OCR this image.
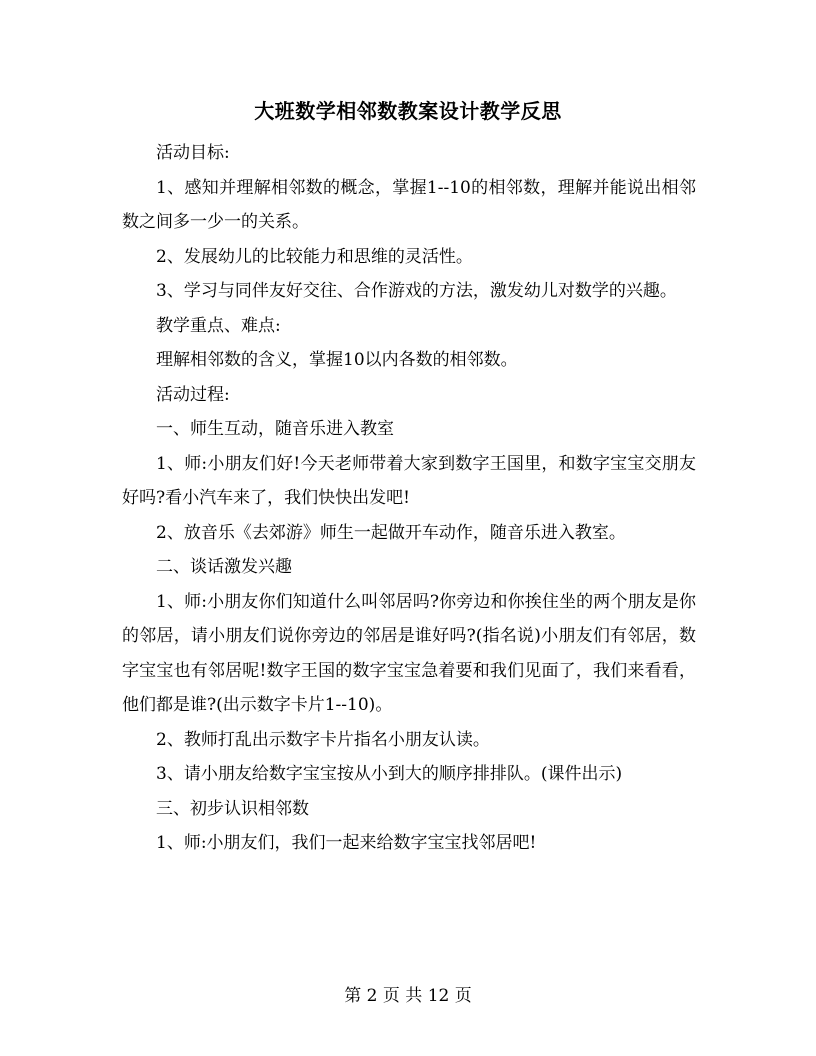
大班数学相邻数教案设计教学反思

活动目标:

1、感知并理解相邻数的概念，掌握1--10的相邻数，理解并能说出相邻数之间多一少一的关系。

2、发展幼儿的比较能力和思维的灵活性。

3、学习与同伴友好交往、合作游戏的方法，激发幼儿对数学的兴趣。

教学重点、难点:

理解相邻数的含义，掌握10以内各数的相邻数。

活动过程:

一、师生互动，随音乐进入教室

1、师:小朋友们好!今天老师带着大家到数字王国里，和数字宝宝交朋友好吗?看小汽车来了，我们快快出发吧!

2、放音乐《去郊游》师生一起做开车动作，随音乐进入教室。

二、谈话激发兴趣

1、师:小朋友你们知道什么叫邻居吗?你旁边和你挨住坐的两个朋友是你的邻居，请小朋友们说你旁边的邻居是谁好吗?(指名说)小朋友们有邻居，数字宝宝也有邻居呢!数字王国的数字宝宝急着要和我们见面了，我们来看看，他们都是谁?(出示数字卡片1--10)。

2、教师打乱出示数字卡片指名小朋友认读。

3、请小朋友给数字宝宝按从小到大的顺序排排队。(课件出示)

三、初步认识相邻数

1、师:小朋友们，我们一起来给数字宝宝找邻居吧!

第 2 页 共 12 页
